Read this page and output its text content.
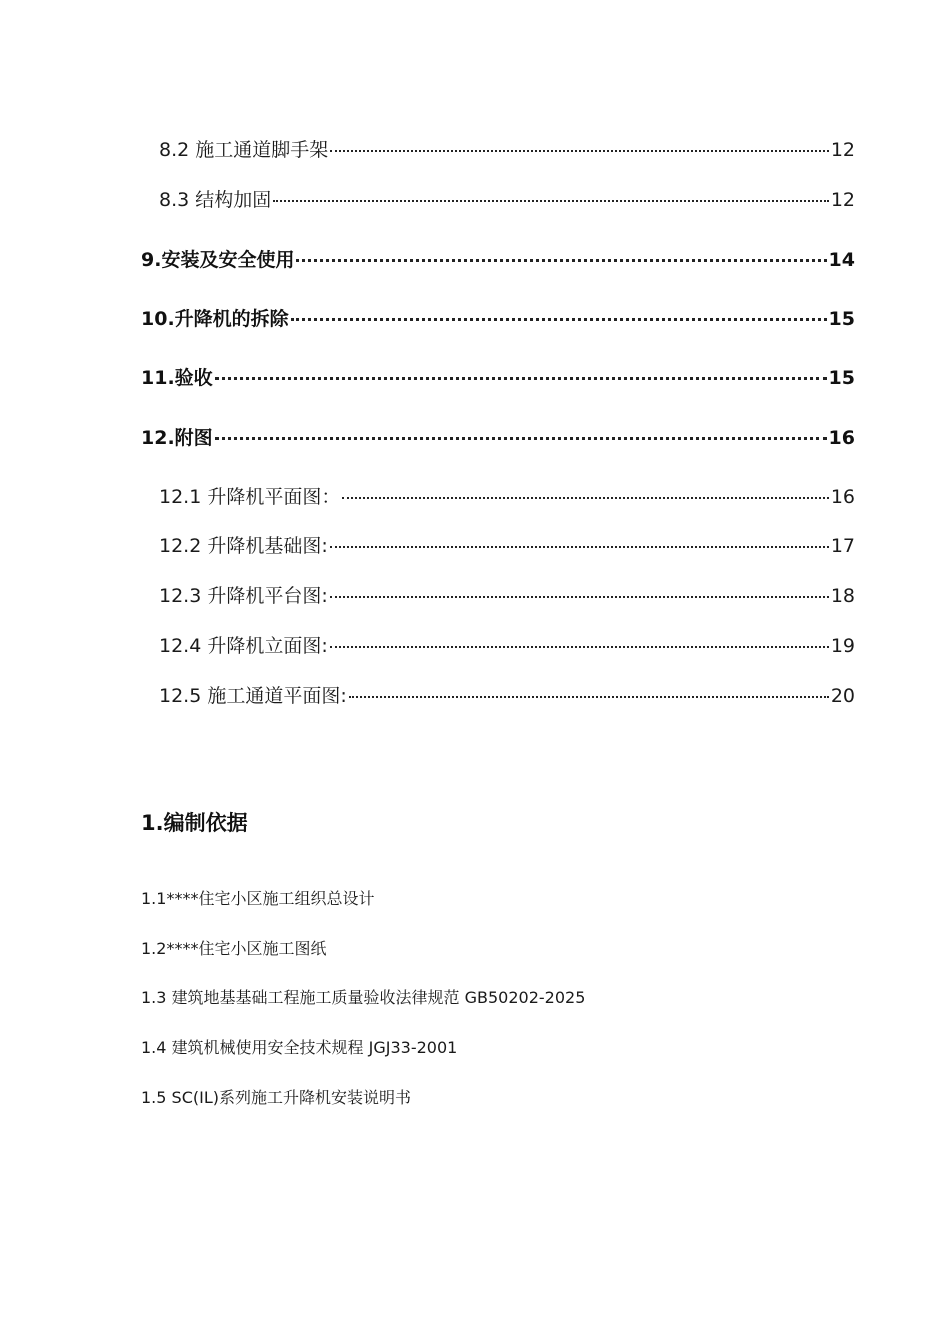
8.2 施工通道脚手架	12
8.3 结构加固	12
9.安装及安全使用	14
10.升降机的拆除	15
11.验收	15
12.附图	16
12.1 升降机平面图：	16
12.2 升降机基础图:	17
12.3 升降机平台图:	18
12.4 升降机立面图:	19
12.5 施工通道平面图:	20
1.编制依据
1.1****住宅小区施工组织总设计
1.2****住宅小区施工图纸
1.3 建筑地基基础工程施工质量验收法律规范 GB50202-2025
1.4 建筑机械使用安全技术规程 JGJ33-2001
1.5 SC(IL)系列施工升降机安装说明书
